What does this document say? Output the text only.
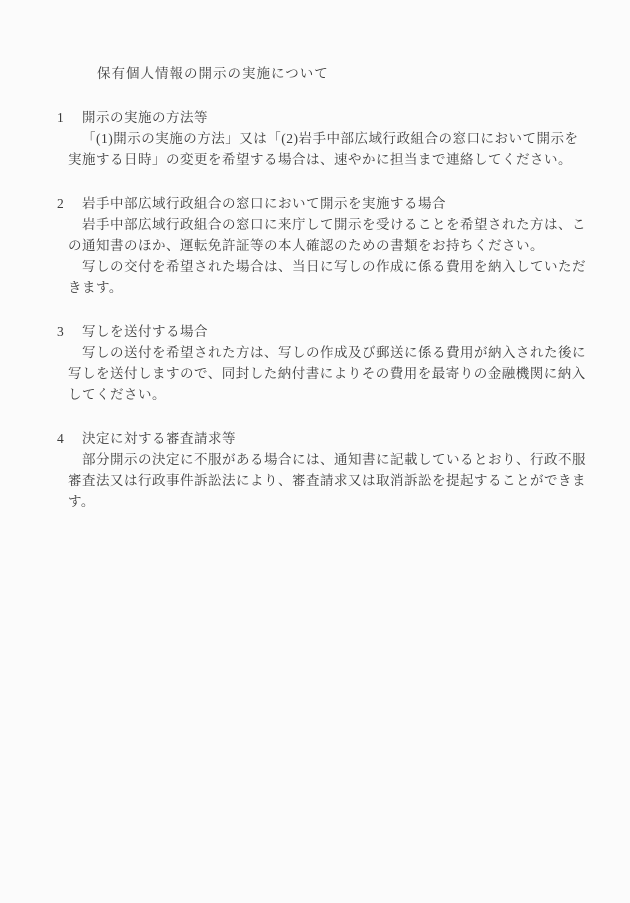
保有個人情報の開示の実施について
1	開示の実施の方法等
「(1)開示の実施の方法」又は「(2)岩手中部広域行政組合の窓口において開示を
実施する日時」の変更を希望する場合は、速やかに担当まで連絡してください。
2	岩手中部広域行政組合の窓口において開示を実施する場合
岩手中部広域行政組合の窓口に来庁して開示を受けることを希望された方は、こ
の通知書のほか、運転免許証等の本人確認のための書類をお持ちください。
写しの交付を希望された場合は、当日に写しの作成に係る費用を納入していただ
きます。
3	写しを送付する場合
写しの送付を希望された方は、写しの作成及び郵送に係る費用が納入された後に
写しを送付しますので、同封した納付書によりその費用を最寄りの金融機関に納入
してください。
4	決定に対する審査請求等
部分開示の決定に不服がある場合には、通知書に記載しているとおり、行政不服
審査法又は行政事件訴訟法により、審査請求又は取消訴訟を提起することができま
す。
